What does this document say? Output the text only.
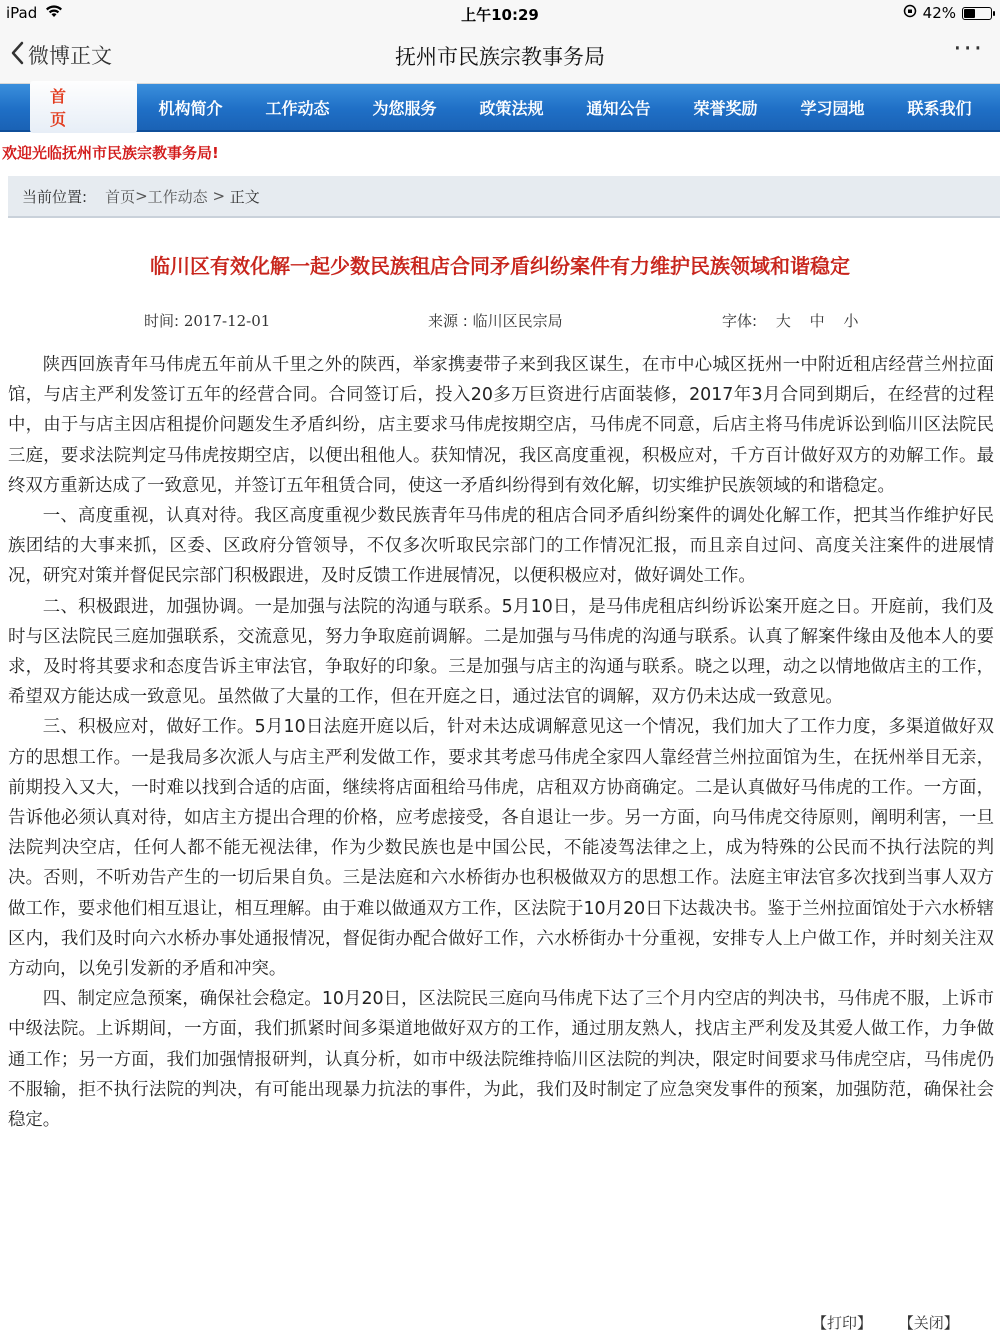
iPad	上午10:29	42%
微博正文	抚州市民族宗教事务局	···
首　页
机构简介	工作动态	为您服务	政策法规	通知公告	荣誉奖励	学习园地	联系我们
欢迎光临抚州市民族宗教事务局!
当前位置: 首页 > 工作动态 > 正文
临川区有效化解一起少数民族租店合同矛盾纠纷案件有力维护民族领域和谐稳定
时间: 2017-12-01	来源 : 临川区民宗局	字体: 大 中 小

陕西回族青年马伟虎五年前从千里之外的陕西，举家携妻带子来到我区谋生，在市中心城区抚州一中附近租店经营兰州拉面馆，与店主严利发签订五年的经营合同。合同签订后，投入20多万巨资进行店面装修，2017年3月合同到期后，在经营的过程中，由于与店主因店租提价问题发生矛盾纠纷，店主要求马伟虎按期空店，马伟虎不同意，后店主将马伟虎诉讼到临川区法院民三庭，要求法院判定马伟虎按期空店，以便出租他人。获知情况，我区高度重视，积极应对，千方百计做好双方的劝解工作。最终双方重新达成了一致意见，并签订五年租赁合同，使这一矛盾纠纷得到有效化解，切实维护民族领域的和谐稳定。

一、高度重视，认真对待。我区高度重视少数民族青年马伟虎的租店合同矛盾纠纷案件的调处化解工作，把其当作维护好民族团结的大事来抓，区委、区政府分管领导，不仅多次听取民宗部门的工作情况汇报，而且亲自过问、高度关注案件的进展情况，研究对策并督促民宗部门积极跟进，及时反馈工作进展情况，以便积极应对，做好调处工作。

二、积极跟进，加强协调。一是加强与法院的沟通与联系。5月10日，是马伟虎租店纠纷诉讼案开庭之日。开庭前，我们及时与区法院民三庭加强联系，交流意见，努力争取庭前调解。二是加强与马伟虎的沟通与联系。认真了解案件缘由及他本人的要求，及时将其要求和态度告诉主审法官，争取好的印象。三是加强与店主的沟通与联系。晓之以理，动之以情地做店主的工作，希望双方能达成一致意见。虽然做了大量的工作，但在开庭之日，通过法官的调解，双方仍未达成一致意见。

三、积极应对，做好工作。5月10日法庭开庭以后，针对未达成调解意见这一个情况，我们加大了工作力度，多渠道做好双方的思想工作。一是我局多次派人与店主严利发做工作，要求其考虑马伟虎全家四人靠经营兰州拉面馆为生，在抚州举目无亲，前期投入又大，一时难以找到合适的店面，继续将店面租给马伟虎，店租双方协商确定。二是认真做好马伟虎的工作。一方面，告诉他必须认真对待，如店主方提出合理的价格，应考虑接受，各自退让一步。另一方面，向马伟虎交待原则，阐明利害，一旦法院判决空店，任何人都不能无视法律，作为少数民族也是中国公民，不能凌驾法律之上，成为特殊的公民而不执行法院的判决。否则，不听劝告产生的一切后果自负。三是法庭和六水桥街办也积极做双方的思想工作。法庭主审法官多次找到当事人双方做工作，要求他们相互退让，相互理解。由于难以做通双方工作，区法院于10月20日下达裁决书。鉴于兰州拉面馆处于六水桥辖区内，我们及时向六水桥办事处通报情况，督促街办配合做好工作，六水桥街办十分重视，安排专人上户做工作，并时刻关注双方动向，以免引发新的矛盾和冲突。

四、制定应急预案，确保社会稳定。10月20日，区法院民三庭向马伟虎下达了三个月内空店的判决书，马伟虎不服，上诉市中级法院。上诉期间，一方面，我们抓紧时间多渠道地做好双方的工作，通过朋友熟人，找店主严利发及其爱人做工作，力争做通工作；另一方面，我们加强情报研判，认真分析，如市中级法院维持临川区法院的判决，限定时间要求马伟虎空店，马伟虎仍不服输，拒不执行法院的判决，有可能出现暴力抗法的事件，为此，我们及时制定了应急突发事件的预案，加强防范，确保社会稳定。

【打印】 【关闭】
